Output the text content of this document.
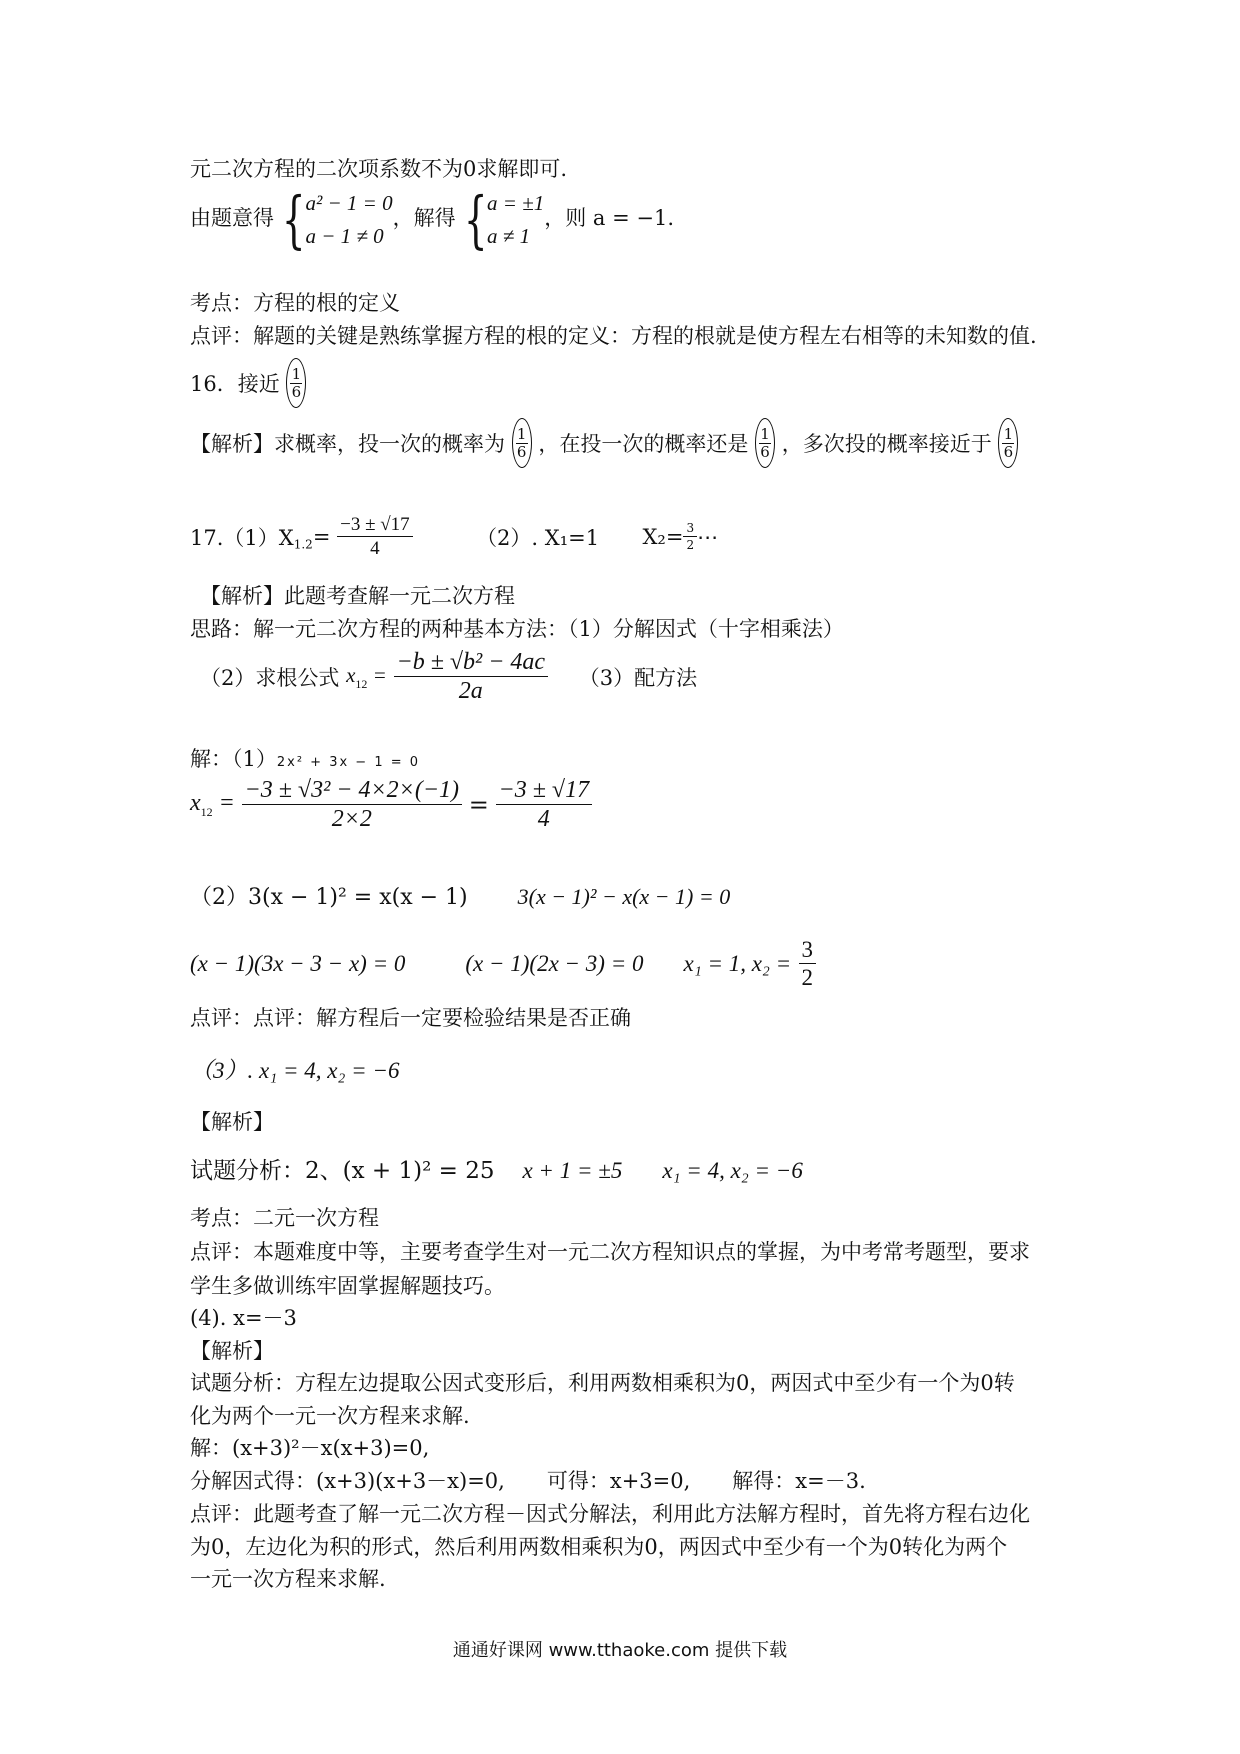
元二次方程的二次项系数不为0求解即可.
由题意得 { a² − 1 = 0
a − 1 ≠ 0
，解得 { a = ±1
a ≠ 1
，则 a = −1.
考点：方程的根的定义
点评：解题的关键是熟练掌握方程的根的定义：方程的根就是使方程左右相等的未知数的值.
16．接近 $\frac{1}{6}$
【解析】求概率，投一次的概率为 $\frac{1}{6}$ ，在投一次的概率还是 $\frac{1}{6}$ ，多次投的概率接近于 $\frac{1}{6}$
$17.(1)X_{1.2}= \frac{-3 \pm √17}{4}$	（2）. X₁=1 $X_2= \frac{3}{2}$ ⋯
【解析】此题考查解一元二次方程
思路：解一元二次方程的两种基本方法：（1）分解因式（十字相乘法）
（2）求根公式 $x_{12} = \frac{\text{−b ± √b² − 4ac}}{2a} (3)$配方法
解：（1）2x² + 3x − 1 = 0
$x_{12} = \frac{\text{−3 ± √3² − 4×2×(−1)}}{2\times 2} = \frac{-3 \pm √17}{4}$
（2）3(x − 1)² = x(x − 1) 3(x − 1)² − x(x − 1) = 0
(x − 1)(3x − 3 − x) = 0	(x − 1)(2x − 3) = 0 x₁ = 1, $x_2 = \frac{3}{2}$
点评：点评：解方程后一定要检验结果是否正确
（3）. x₁ = 4, x₂ = −6
【解析】
试题分析：2、(x + 1)² = 25 x + 1 = ±5 x₁ = 4, x₂ = −6
考点：二元一次方程
点评：本题难度中等，主要考查学生对一元二次方程知识点的掌握，为中考常考题型，要求
学生多做训练牢固掌握解题技巧。
(4). x=－3
【解析】
试题分析：方程左边提取公因式变形后，利用两数相乘积为0，两因式中至少有一个为0转
化为两个一元一次方程来求解.
解：(x+3)²－x(x+3)=0,
分解因式得：(x+3)(x+3－x)=0,　　可得：x+3=0,　　解得：x=－3.
点评：此题考查了解一元二次方程－因式分解法，利用此方法解方程时，首先将方程右边化
为0，左边化为积的形式，然后利用两数相乘积为0，两因式中至少有一个为0转化为两个
一元一次方程来求解.
通通好课网 www.tthaoke.com 提供下载
